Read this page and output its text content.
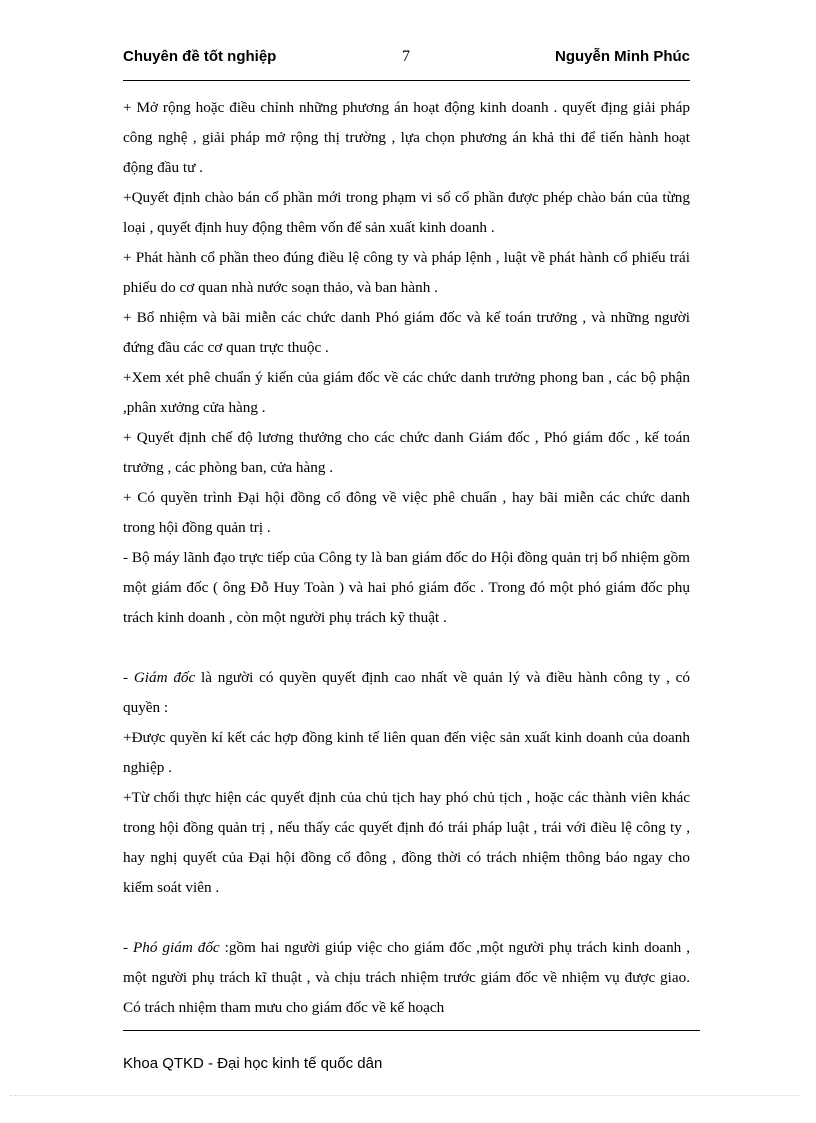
Chuyên đề tốt nghiệp	7	Nguyễn Minh Phúc

+ Mở rộng hoặc điều chỉnh những phương án hoạt động kinh doanh . quyết địng giải pháp công nghệ , giải pháp mở rộng thị trường , lựa chọn phương án khả thi để tiến hành hoạt động đầu tư .

+Quyết định chào bán cổ phần mới trong phạm vi số cổ phần được phép chào bán của từng loại , quyết định huy động thêm vốn để sản xuất kinh doanh .

+ Phát hành cổ phần theo đúng điều lệ công ty và pháp lệnh , luật về phát hành cổ phiếu trái phiếu do cơ quan nhà nước soạn thảo, và ban hành .

+ Bổ nhiệm và bãi miễn các chức danh Phó giám đốc và kế toán trưởng , và những người đứng đầu các cơ quan trực thuộc .

+Xem xét phê chuẩn ý kiến của giám đốc về các chức danh trưởng phong ban , các bộ phận ,phân xưởng cửa hàng .

+ Quyết định chế độ lương thưởng cho các chức danh Giám đốc , Phó giám đốc , kế toán trưởng , các phòng ban, cửa hàng .

+ Có quyền trình Đại hội đồng cổ đông về việc phê chuẩn , hay bãi miễn các chức danh trong hội đồng quản trị .

- Bộ máy lãnh đạo trực tiếp của Công ty là ban giám đốc do Hội đồng quản trị bổ nhiệm gồm một giám đốc ( ông Đỗ Huy Toàn ) và hai phó giám đốc . Trong đó một phó giám đốc phụ trách kinh doanh , còn một người phụ trách kỹ thuật .

- Giám đốc là người có quyền quyết định cao nhất về quản lý và điều hành công ty , có quyền :

+Được quyền kí kết các hợp đồng kinh tế liên quan đến việc sản xuất kinh doanh của doanh nghiệp .

+Từ chối thực hiện các quyết định của chủ tịch hay phó chủ tịch , hoặc các thành viên khác trong hội đồng quản trị , nếu thấy các quyết định đó trái pháp luật , trái với điều lệ công ty , hay nghị quyết của Đại hội đồng cổ đông , đồng thời có trách nhiệm thông báo ngay cho kiểm soát viên .

- Phó giám đốc :gồm hai người giúp việc cho giám đốc ,một người phụ trách kinh doanh , một người phụ trách kĩ thuật , và chịu trách nhiệm trước giám đốc về nhiệm vụ được giao. Có trách nhiệm tham mưu cho giám đốc về kế hoạch

Khoa QTKD - Đại học kinh tế quốc dân
